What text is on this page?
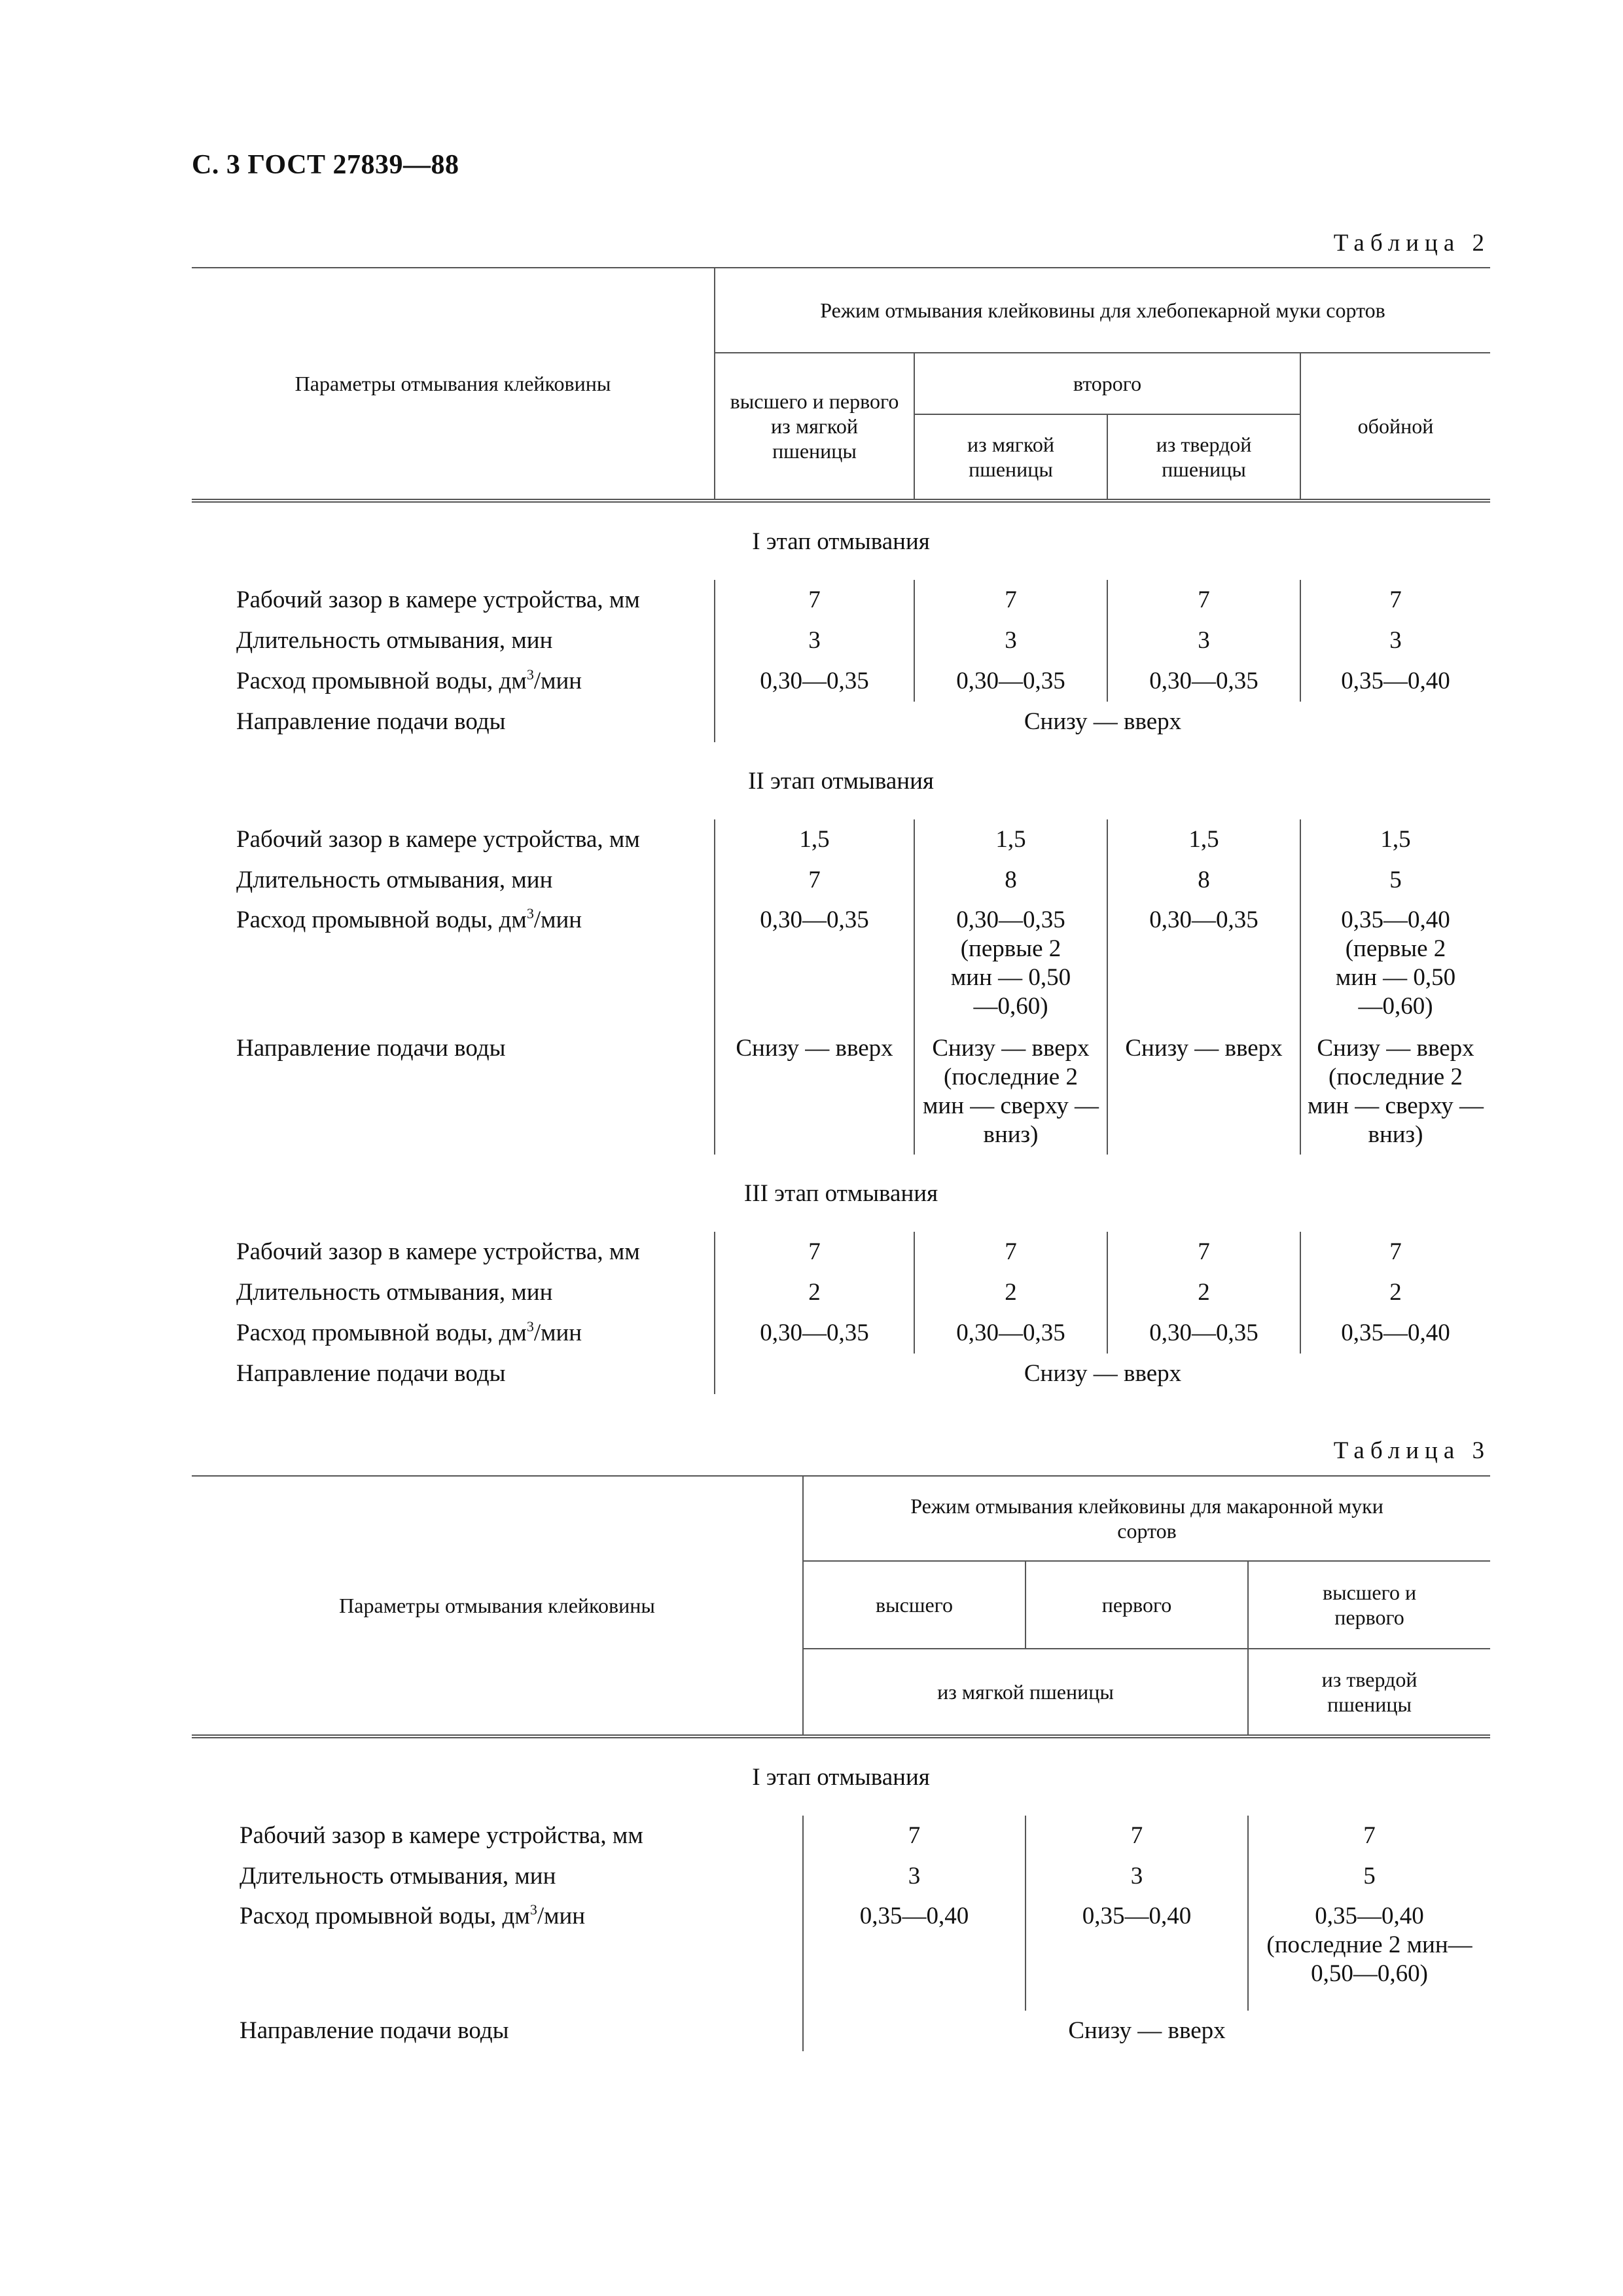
С. 3 ГОСТ 27839—88
Таблица 2
Параметры отмывания клейковины	Режим отмывания клейковины для хлебопекарной муки сортов			
	высшего и первого из мягкой пшеницы	второго		обойной
		из мягкой пшеницы	из твердой пшеницы	

I этап отмывания				
Рабочий зазор в камере устройства, мм	7	7	7	7
Длительность отмывания, мин	3	3	3	3
Расход промывной воды, $дм^3$/мин	0,30—0,35	0,30—0,35	0,30—0,35	0,35—0,40
Направление подачи воды	Снизу — вверх			
II этап отмывания				
Рабочий зазор в камере устройства, мм	1,5	1,5	1,5	1,5
Длительность отмывания, мин	7	8	8	5
Расход промывной воды, $дм^3$/мин	0,30—0,35	0,30—0,35 (первые 2 мин — 0,50—0,60)	0,30—0,35	0,35—0,40 (первые 2 мин — 0,50—0,60)
Направление подачи воды	Снизу — вверх	Снизу — вверх (последние 2 мин — сверху — вниз)	Снизу — вверх	Снизу — вверх (последние 2 мин — сверху — вниз)
III этап отмывания				
Рабочий зазор в камере устройства, мм	7	7	7	7
Длительность отмывания, мин	2	2	2	2
Расход промывной воды, $дм^3$/мин	0,30—0,35	0,30—0,35	0,30—0,35	0,35—0,40
Направление подачи воды	Снизу — вверх			
Таблица 3
Параметры отмывания клейковины	Режим отмывания клейковины для макаронной муки сортов		
	высшего	первого	высшего и первого
	из мягкой пшеницы		из твердой пшеницы

I этап отмывания			
Рабочий зазор в камере устройства, мм	7	7	7
Длительность отмывания, мин	3	3	5
Расход промывной воды, $дм^3$/мин	0,35—0,40	0,35—0,40	0,35—0,40 (последние 2 мин— 0,50—0,60)
Направление подачи воды	Снизу — вверх		
